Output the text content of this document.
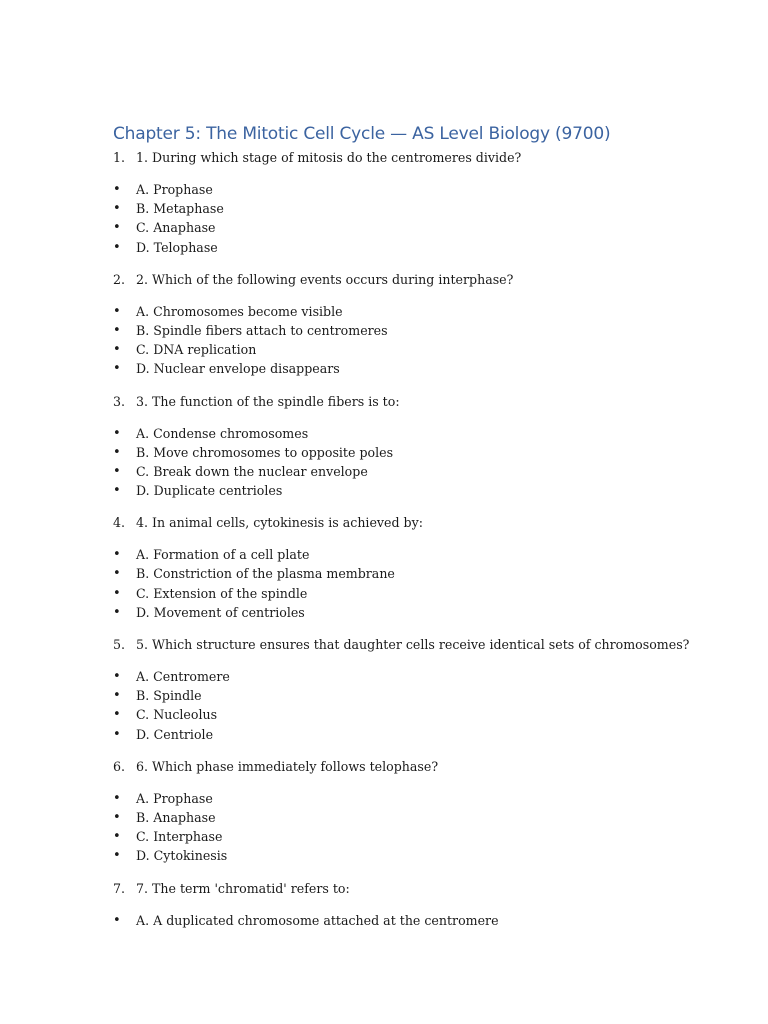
Chapter 5: The Mitotic Cell Cycle — AS Level Biology (9700)
1. 1. During which stage of mitosis do the centromeres divide?
• A. Prophase
• B. Metaphase
• C. Anaphase
• D. Telophase
2. 2. Which of the following events occurs during interphase?
• A. Chromosomes become visible
• B. Spindle fibers attach to centromeres
• C. DNA replication
• D. Nuclear envelope disappears
3. 3. The function of the spindle fibers is to:
• A. Condense chromosomes
• B. Move chromosomes to opposite poles
• C. Break down the nuclear envelope
• D. Duplicate centrioles
4. 4. In animal cells, cytokinesis is achieved by:
• A. Formation of a cell plate
• B. Constriction of the plasma membrane
• C. Extension of the spindle
• D. Movement of centrioles
5. 5. Which structure ensures that daughter cells receive identical sets of chromosomes?
• A. Centromere
• B. Spindle
• C. Nucleolus
• D. Centriole
6. 6. Which phase immediately follows telophase?
• A. Prophase
• B. Anaphase
• C. Interphase
• D. Cytokinesis
7. 7. The term 'chromatid' refers to:
• A. A duplicated chromosome attached at the centromere
